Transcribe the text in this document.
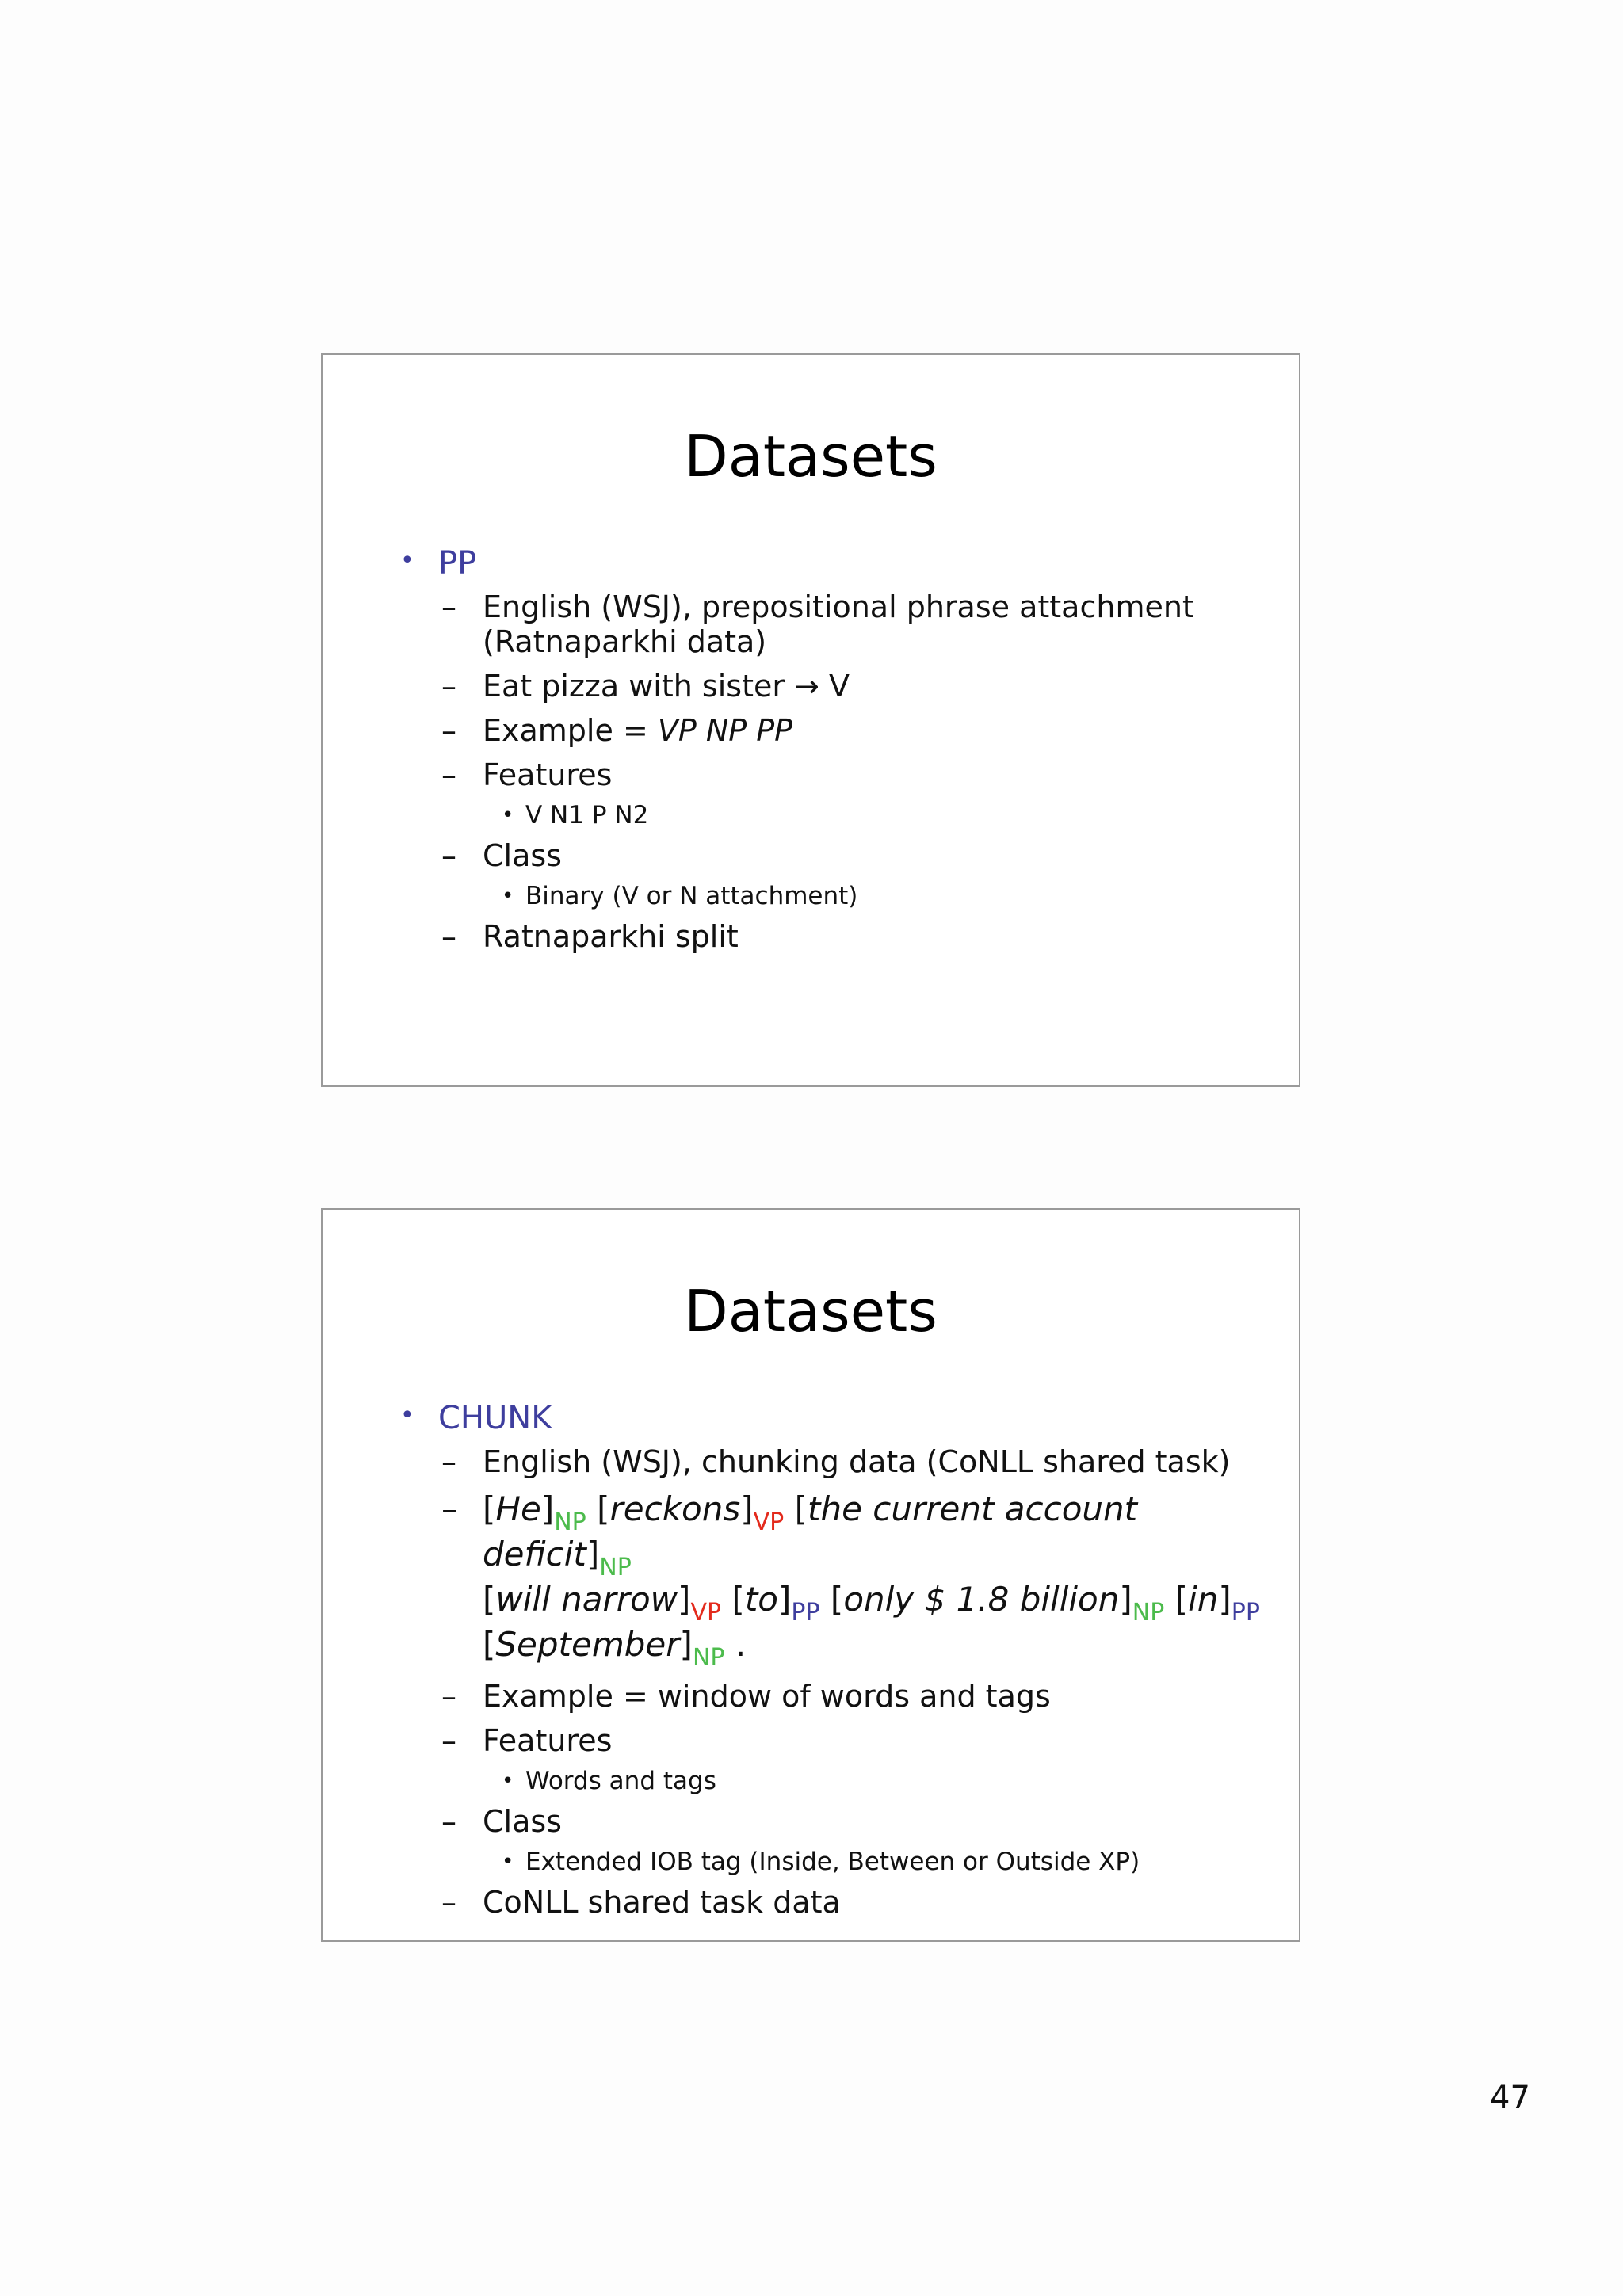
Datasets
• PP
– English (WSJ), prepositional phrase attachment
(Ratnaparkhi data)
– Eat pizza with sister → V
– Example = VP NP PP
– Features
• V N1 P N2
– Class
• Binary (V or N attachment)
– Ratnaparkhi split
Datasets
• CHUNK
– English (WSJ), chunking data (CoNLL shared task)
– $[He]_{NP}$ $[reckons]_{VP}$ [the current account $deficit]_{NP}$
[will $narrow]_{VP}$ $[to]_{PP}$ [only $ 1.8 $billion]_{NP}$ $[in]_{PP}$
$[September]_{NP}$ .
– Example = window of words and tags
– Features
• Words and tags
– Class
• Extended IOB tag (Inside, Between or Outside XP)
– CoNLL shared task data
47
